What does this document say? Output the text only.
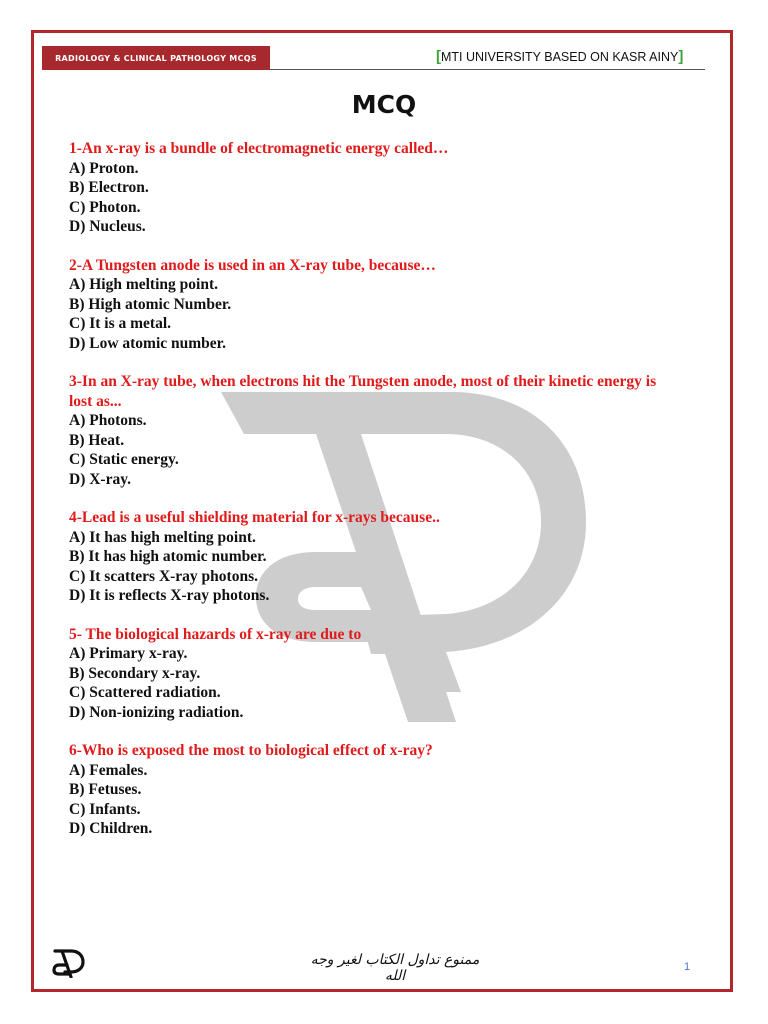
RADIOLOGY & CLINICAL PATHOLOGY MCQS	[MTI UNIVERSITY BASED ON KASR AINY]
MCQ
1-An x-ray is a bundle of electromagnetic energy called…
A) Proton.
B) Electron.
C) Photon.
D) Nucleus.
2-A Tungsten anode is used in an X-ray tube, because…
A) High melting point.
B) High atomic Number.
C) It is a metal.
D) Low atomic number.
3-In an X-ray tube, when electrons hit the Tungsten anode, most of their kinetic energy is lost as...
A) Photons.
B) Heat.
C) Static energy.
D) X-ray.
4-Lead is a useful shielding material for x-rays because..
A) It has high melting point.
B) It has high atomic number.
C) It scatters X-ray photons.
D) It is reflects X-ray photons.
5- The biological hazards of x-ray are due to
A) Primary x-ray.
B) Secondary x-ray.
C) Scattered radiation.
D) Non-ionizing radiation.
6-Who is exposed the most to biological effect of x-ray?
A) Females.
B) Fetuses.
C) Infants.
D) Children.
ممنوع تداول الكتاب لغير وجه الله
1
